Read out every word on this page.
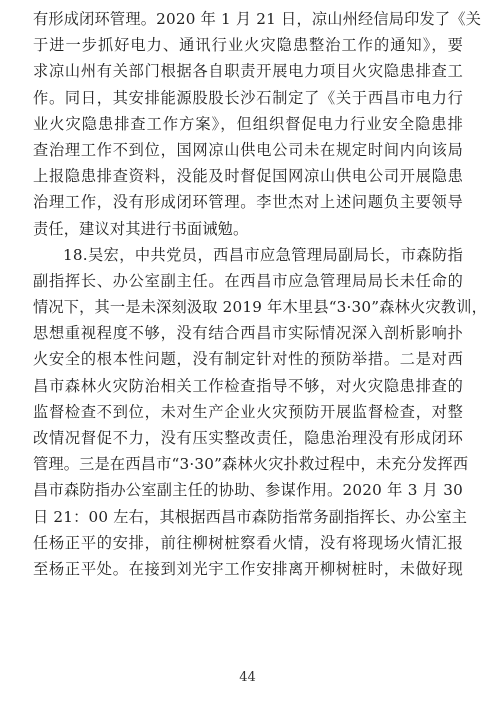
有形成闭环管理。2020 年 1 月 21 日，凉山州经信局印发了《关
于进一步抓好电力、通讯行业火灾隐患整治工作的通知》，要
求凉山州有关部门根据各自职责开展电力项目火灾隐患排查工
作。同日，其安排能源股股长沙石制定了《关于西昌市电力行
业火灾隐患排查工作方案》，但组织督促电力行业安全隐患排
查治理工作不到位，国网凉山供电公司未在规定时间内向该局
上报隐患排查资料，没能及时督促国网凉山供电公司开展隐患
治理工作，没有形成闭环管理。李世杰对上述问题负主要领导
责任，建议对其进行书面诫勉。
18.吴宏，中共党员，西昌市应急管理局副局长，市森防指
副指挥长、办公室副主任。在西昌市应急管理局局长未任命的
情况下，其一是未深刻汲取 2019 年木里县“3·30”森林火灾教训，
思想重视程度不够，没有结合西昌市实际情况深入剖析影响扑
火安全的根本性问题，没有制定针对性的预防举措。二是对西
昌市森林火灾防治相关工作检查指导不够，对火灾隐患排查的
监督检查不到位，未对生产企业火灾预防开展监督检查，对整
改情况督促不力，没有压实整改责任，隐患治理没有形成闭环
管理。三是在西昌市“3·30”森林火灾扑救过程中，未充分发挥西
昌市森防指办公室副主任的协助、参谋作用。2020 年 3 月 30
日 21：00 左右，其根据西昌市森防指常务副指挥长、办公室主
任杨正平的安排，前往柳树桩察看火情，没有将现场火情汇报
至杨正平处。在接到刘光宇工作安排离开柳树桩时，未做好现
44
